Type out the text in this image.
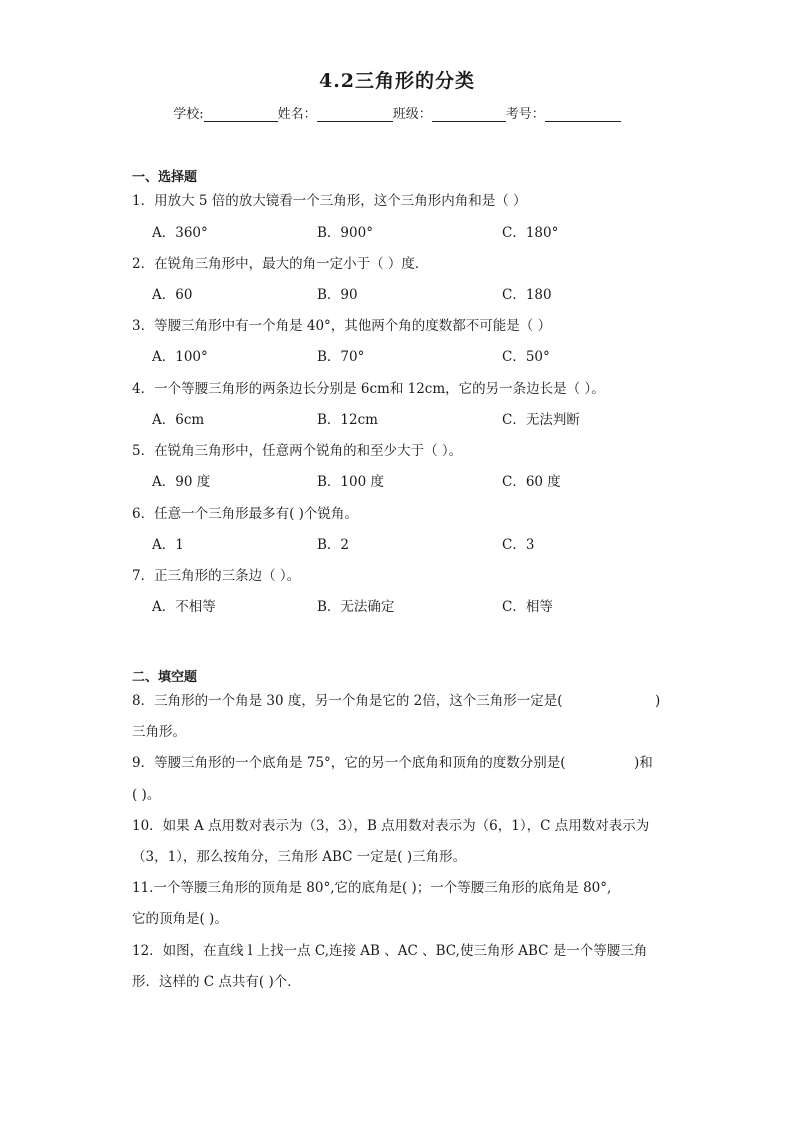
4.2三角形的分类
学校:	姓名：	班级：	考号：
一、选择题
1．用放大 5 倍的放大镜看一个三角形，这个三角形内角和是（ ）
A．360°	B．900°	C．180°
2．在锐角三角形中，最大的角一定小于（ ）度．
A．60	B．90	C．180
3．等腰三角形中有一个角是 40°，其他两个角的度数都不可能是（ ）
A．100°	B．70°	C．50°
4．一个等腰三角形的两条边长分别是 6cm和 12cm，它的另一条边长是（ ）。
A．6cm	B．12cm	C．无法判断
5．在锐角三角形中，任意两个锐角的和至少大于（ ）。
A．90 度	B．100 度	C．60 度
6．任意一个三角形最多有( )个锐角。
A．1	B．2	C．3
7．正三角形的三条边（ ）。
A．不相等	B．无法确定	C．相等
二、填空题
8．三角形的一个角是 30 度，另一个角是它的 2倍，这个三角形一定是(	)
三角形。
9．等腰三角形的一个底角是 75°，它的另一个底角和顶角的度数分别是(	)和
( )。
10．如果 A 点用数对表示为（3，3），B 点用数对表示为（6，1），C 点用数对表示为
（3，1），那么按角分，三角形 ABC 一定是( )三角形。
11.一个等腰三角形的顶角是 80°,它的底角是( )；一个等腰三角形的底角是 80°,
它的顶角是( )。
12．如图，在直线 l 上找一点 C,连接 AB 、AC 、BC,使三角形 ABC 是一个等腰三角
形．这样的 C 点共有( )个．
